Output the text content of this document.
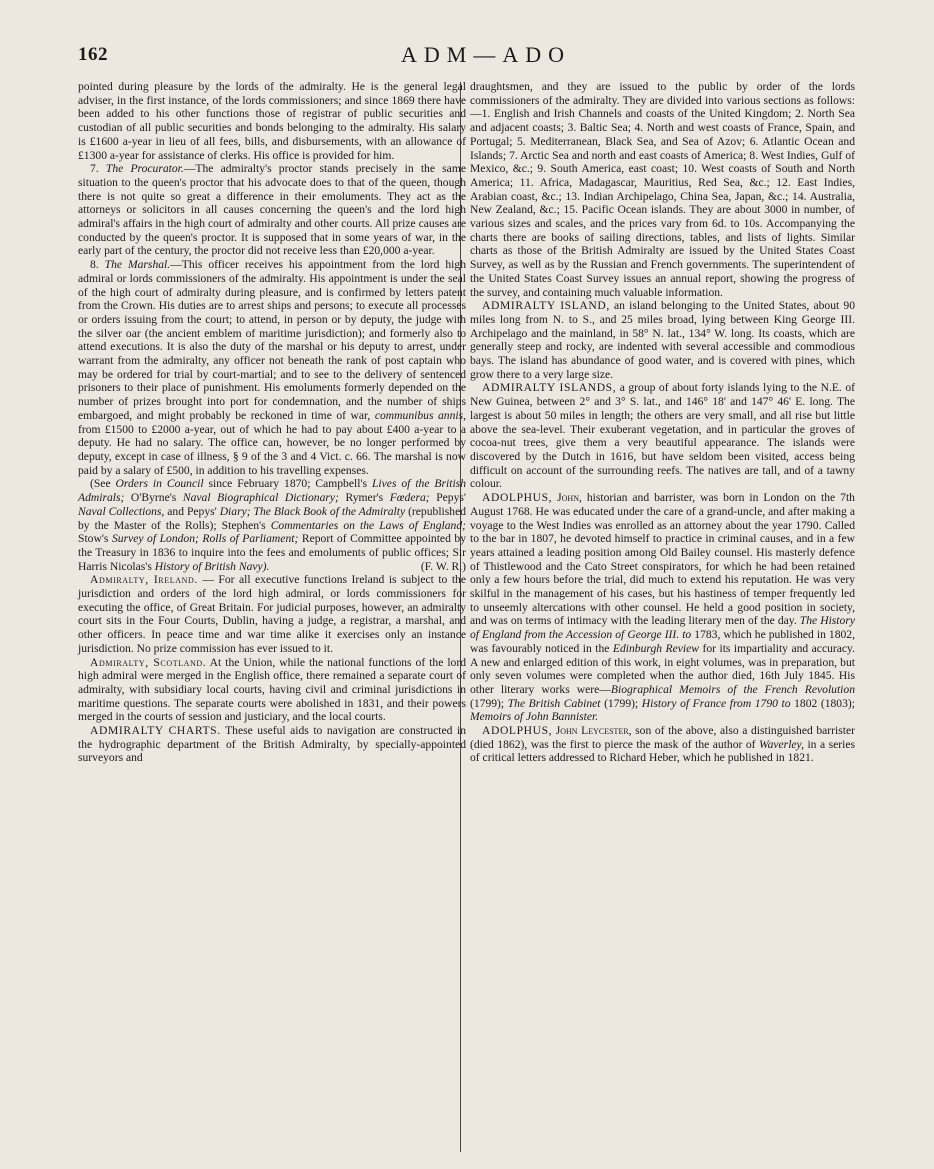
162	ADM—ADO

pointed during pleasure by the lords of the admiralty. He is the general legal adviser, in the first instance, of the lords commissioners; and since 1869 there have been added to his other functions those of registrar of public securities and custodian of all public securities and bonds belonging to the admiralty. His salary is £1600 a-year in lieu of all fees, bills, and disbursements, with an allowance of £1300 a-year for assistance of clerks. His office is provided for him.

7. The Procurator.—The admiralty's proctor stands precisely in the same situation to the queen's proctor that his advocate does to that of the queen, though there is not quite so great a difference in their emoluments. They act as the attorneys or solicitors in all causes concerning the queen's and the lord high admiral's affairs in the high court of admiralty and other courts. All prize causes are conducted by the queen's proctor. It is supposed that in some years of war, in the early part of the century, the proctor did not receive less than £20,000 a-year.

8. The Marshal.—This officer receives his appointment from the lord high admiral or lords commissioners of the admiralty. His appointment is under the seal of the high court of admiralty during pleasure, and is confirmed by letters patent from the Crown. His duties are to arrest ships and persons; to execute all processes or orders issuing from the court; to attend, in person or by deputy, the judge with the silver oar (the ancient emblem of maritime jurisdiction); and formerly also to attend executions. It is also the duty of the marshal or his deputy to arrest, under warrant from the admiralty, any officer not beneath the rank of post captain who may be ordered for trial by court-martial; and to see to the delivery of sentenced prisoners to their place of punishment. His emoluments formerly depended on the number of prizes brought into port for condemnation, and the number of ships embargoed, and might probably be reckoned in time of war, communibus annis, from £1500 to £2000 a-year, out of which he had to pay about £400 a-year to a deputy. He had no salary. The office can, however, be no longer performed by deputy, except in case of illness, § 9 of the 3 and 4 Vict. c. 66. The marshal is now paid by a salary of £500, in addition to his travelling expenses.

(See Orders in Council since February 1870; Campbell's Lives of the British Admirals; O'Byrne's Naval Biographical Dictionary; Rymer's Fœdera; Pepys' Naval Collections, and Pepys' Diary; The Black Book of the Admiralty (republished by the Master of the Rolls); Stephen's Commentaries on the Laws of England; Stow's Survey of London; Rolls of Parliament; Report of Committee appointed by the Treasury in 1836 to inquire into the fees and emoluments of public offices; Sir Harris Nicolas's History of British Navy).	(F. W. R.)

Admiralty, Ireland. — For all executive functions Ireland is subject to the jurisdiction and orders of the lord high admiral, or lords commissioners for executing the office, of Great Britain. For judicial purposes, however, an admiralty court sits in the Four Courts, Dublin, having a judge, a registrar, a marshal, and other officers. In peace time and war time alike it exercises only an instance jurisdiction. No prize commission has ever issued to it.

Admiralty, Scotland. At the Union, while the national functions of the lord high admiral were merged in the English office, there remained a separate court of admiralty, with subsidiary local courts, having civil and criminal jurisdictions in maritime questions. The separate courts were abolished in 1831, and their powers merged in the courts of session and justiciary, and the local courts.

ADMIRALTY CHARTS. These useful aids to navigation are constructed in the hydrographic department of the British Admiralty, by specially-appointed surveyors and

draughtsmen, and they are issued to the public by order of the lords commissioners of the admiralty. They are divided into various sections as follows:—1. English and Irish Channels and coasts of the United Kingdom; 2. North Sea and adjacent coasts; 3. Baltic Sea; 4. North and west coasts of France, Spain, and Portugal; 5. Mediterranean, Black Sea, and Sea of Azov; 6. Atlantic Ocean and Islands; 7. Arctic Sea and north and east coasts of America; 8. West Indies, Gulf of Mexico, &c.; 9. South America, east coast; 10. West coasts of South and North America; 11. Africa, Madagascar, Mauritius, Red Sea, &c.; 12. East Indies, Arabian coast, &c.; 13. Indian Archipelago, China Sea, Japan, &c.; 14. Australia, New Zealand, &c.; 15. Pacific Ocean islands. They are about 3000 in number, of various sizes and scales, and the prices vary from 6d. to 10s. Accompanying the charts there are books of sailing directions, tables, and lists of lights. Similar charts as those of the British Admiralty are issued by the United States Coast Survey, as well as by the Russian and French governments. The superintendent of the United States Coast Survey issues an annual report, showing the progress of the survey, and containing much valuable information.

ADMIRALTY ISLAND, an island belonging to the United States, about 90 miles long from N. to S., and 25 miles broad, lying between King George III. Archipelago and the mainland, in 58° N. lat., 134° W. long. Its coasts, which are generally steep and rocky, are indented with several accessible and commodious bays. The island has abundance of good water, and is covered with pines, which grow there to a very large size.

ADMIRALTY ISLANDS, a group of about forty islands lying to the N.E. of New Guinea, between 2° and 3° S. lat., and 146° 18' and 147° 46' E. long. The largest is about 50 miles in length; the others are very small, and all rise but little above the sea-level. Their exuberant vegetation, and in particular the groves of cocoa-nut trees, give them a very beautiful appearance. The islands were discovered by the Dutch in 1616, but have seldom been visited, access being difficult on account of the surrounding reefs. The natives are tall, and of a tawny colour.

ADOLPHUS, John, historian and barrister, was born in London on the 7th August 1768. He was educated under the care of a grand-uncle, and after making a voyage to the West Indies was enrolled as an attorney about the year 1790. Called to the bar in 1807, he devoted himself to practice in criminal causes, and in a few years attained a leading position among Old Bailey counsel. His masterly defence of Thistlewood and the Cato Street conspirators, for which he had been retained only a few hours before the trial, did much to extend his reputation. He was very skilful in the management of his cases, but his hastiness of temper frequently led to unseemly altercations with other counsel. He held a good position in society, and was on terms of intimacy with the leading literary men of the day. The History of England from the Accession of George III. to 1783, which he published in 1802, was favourably noticed in the Edinburgh Review for its impartiality and accuracy. A new and enlarged edition of this work, in eight volumes, was in preparation, but only seven volumes were completed when the author died, 16th July 1845. His other literary works were—Biographical Memoirs of the French Revolution (1799); The British Cabinet (1799); History of France from 1790 to 1802 (1803); Memoirs of John Bannister.

ADOLPHUS, John Leycester, son of the above, also a distinguished barrister (died 1862), was the first to pierce the mask of the author of Waverley, in a series of critical letters addressed to Richard Heber, which he published in 1821.
